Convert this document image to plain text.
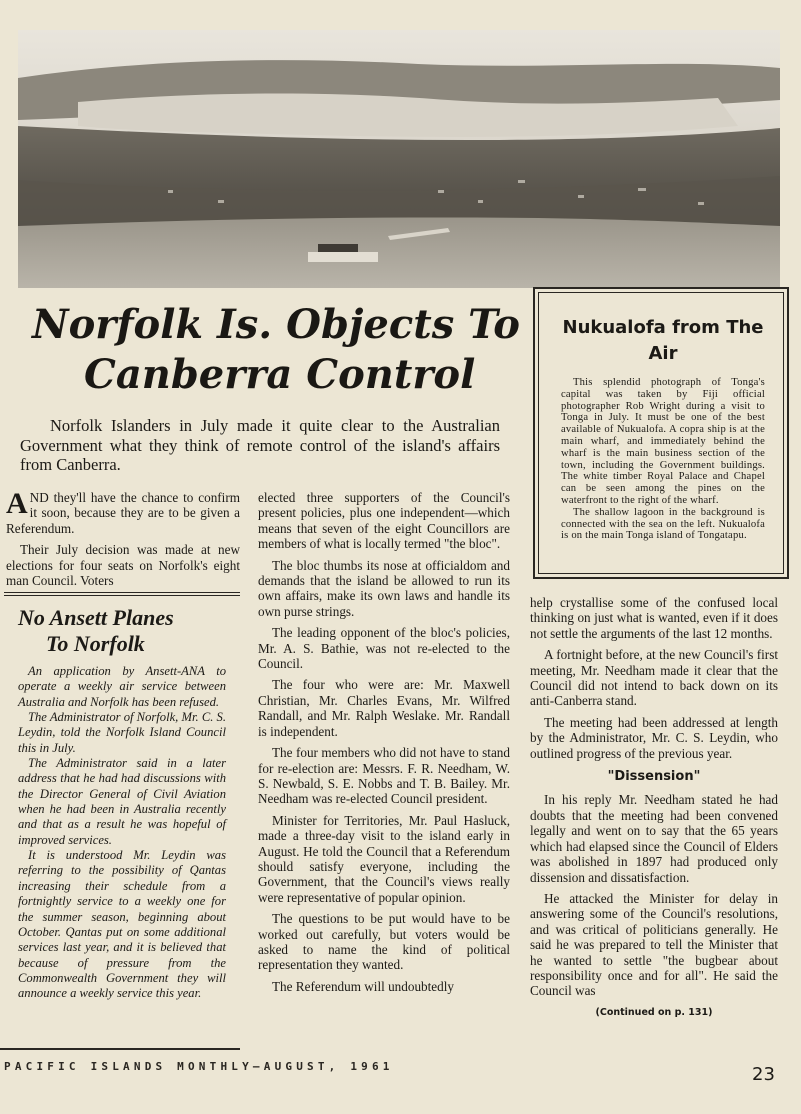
Norfolk Is. Objects To
Canberra Control
Norfolk Islanders in July made it quite clear to the Australian Government what they think of remote control of the island's affairs from Canberra.
Nukualofa from The Air

This splendid photograph of Tonga's capital was taken by Fiji official photographer Rob Wright during a visit to Tonga in July. It must be one of the best available of Nukualofa. A copra ship is at the main wharf, and immediately behind the wharf is the main business section of the town, including the Government buildings. The white timber Royal Palace and Chapel can be seen among the pines on the waterfront to the right of the wharf.

The shallow lagoon in the background is connected with the sea on the left. Nukualofa is on the main Tonga island of Tongatapu.

AND they'll have the chance to confirm it soon, because they are to be given a Referendum.

Their July decision was made at new elections for four seats on Norfolk's eight man Council. Voters

No Ansett Planes
To Norfolk

An application by Ansett-ANA to operate a weekly air service between Australia and Norfolk has been refused.

The Administrator of Norfolk, Mr. C. S. Leydin, told the Norfolk Island Council this in July.

The Administrator said in a later address that he had had discussions with the Director General of Civil Aviation when he had been in Australia recently and that as a result he was hopeful of improved services.

It is understood Mr. Leydin was referring to the possibility of Qantas increasing their schedule from a fortnightly service to a weekly one for the summer season, beginning about October. Qantas put on some additional services last year, and it is believed that because of pressure from the Commonwealth Government they will announce a weekly service this year.

elected three supporters of the Council's present policies, plus one independent—which means that seven of the eight Councillors are members of what is locally termed "the bloc".

The bloc thumbs its nose at officialdom and demands that the island be allowed to run its own affairs, make its own laws and handle its own purse strings.

The leading opponent of the bloc's policies, Mr. A. S. Bathie, was not re-elected to the Council.

The four who were are: Mr. Maxwell Christian, Mr. Charles Evans, Mr. Wilfred Randall, and Mr. Ralph Weslake. Mr. Randall is independent.

The four members who did not have to stand for re-election are: Messrs. F. R. Needham, W. S. Newbald, S. E. Nobbs and T. B. Bailey. Mr. Needham was re-elected Council president.

Minister for Territories, Mr. Paul Hasluck, made a three-day visit to the island early in August. He told the Council that a Referendum should satisfy everyone, including the Government, that the Council's views really were representative of popular opinion.

The questions to be put would have to be worked out carefully, but voters would be asked to name the kind of political representation they wanted.

The Referendum will undoubtedly

help crystallise some of the confused local thinking on just what is wanted, even if it does not settle the arguments of the last 12 months.

A fortnight before, at the new Council's first meeting, Mr. Needham made it clear that the Council did not intend to back down on its anti-Canberra stand.

The meeting had been addressed at length by the Administrator, Mr. C. S. Leydin, who outlined progress of the previous year.

"Dissension"

In his reply Mr. Needham stated he had doubts that the meeting had been convened legally and went on to say that the 65 years which had elapsed since the Council of Elders was abolished in 1897 had produced only dissension and dissatisfaction.

He attacked the Minister for delay in answering some of the Council's resolutions, and was critical of politicians generally. He said he was prepared to tell the Minister that he wanted to settle "the bugbear about responsibility once and for all". He said the Council was

(Continued on p. 131)
PACIFIC ISLANDS MONTHLY—AUGUST, 1961	23
